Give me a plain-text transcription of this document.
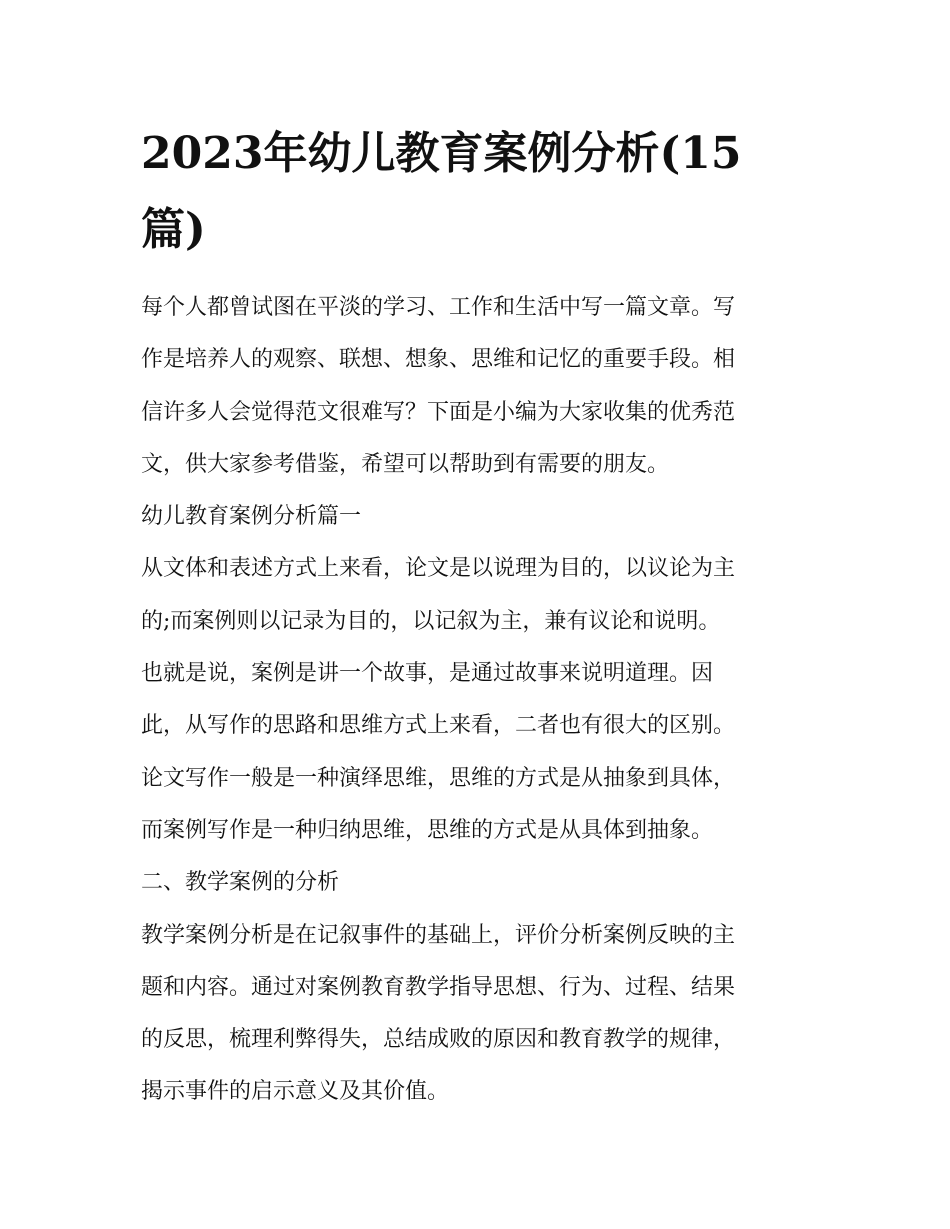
2023年幼儿教育案例分析(15
篇)

每个人都曾试图在平淡的学习、工作和生活中写一篇文章。写
作是培养人的观察、联想、想象、思维和记忆的重要手段。相
信许多人会觉得范文很难写？下面是小编为大家收集的优秀范
文，供大家参考借鉴，希望可以帮助到有需要的朋友。

幼儿教育案例分析篇一

从文体和表述方式上来看，论文是以说理为目的，以议论为主
的;而案例则以记录为目的，以记叙为主，兼有议论和说明。
也就是说，案例是讲一个故事，是通过故事来说明道理。因
此，从写作的思路和思维方式上来看，二者也有很大的区别。
论文写作一般是一种演绎思维，思维的方式是从抽象到具体，
而案例写作是一种归纳思维，思维的方式是从具体到抽象。

二、教学案例的分析

教学案例分析是在记叙事件的基础上，评价分析案例反映的主
题和内容。通过对案例教育教学指导思想、行为、过程、结果
的反思，梳理利弊得失，总结成败的原因和教育教学的规律，
揭示事件的启示意义及其价值。
